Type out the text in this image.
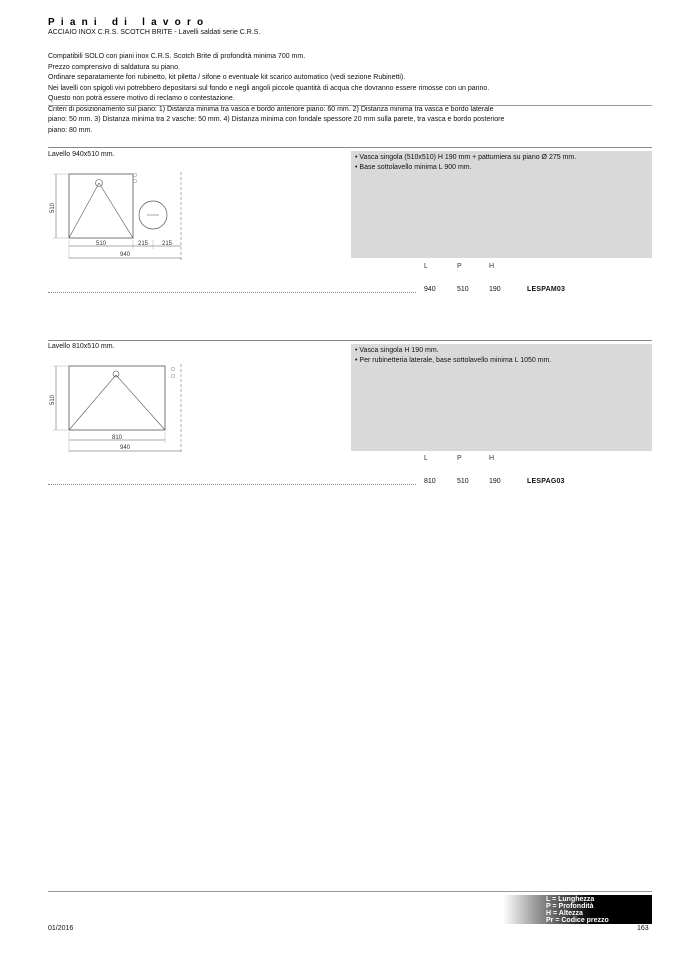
Piani di lavoro
ACCIAIO INOX C.R.S. SCOTCH BRITE - Lavelli saldati serie C.R.S.
Compatibili SOLO con piani inox C.R.S. Scotch Brite di profondità minima 700 mm.
Prezzo comprensivo di saldatura su piano.
Ordinare separatamente fori rubinetto, kit piletta / sifone o eventuale kit scarico automatico (vedi sezione Rubinetti).
Nei lavelli con spigoli vivi potrebbero depositarsi sul fondo e negli angoli piccole quantità di acqua che dovranno essere rimosse con un panno.
Questo non potrà essere motivo di reclamo o contestazione.
Criteri di posizionamento sul piano: 1) Distanza minima tra vasca e bordo anteriore piano: 60 mm. 2) Distanza minima tra vasca e bordo laterale
piano: 50 mm. 3) Distanza minima tra 2 vasche: 50 mm. 4) Distanza minima con fondale spessore 20 mm sulla parete, tra vasca e bordo posteriore
piano: 80 mm.
Lavello 940x510 mm.
510
510	215 215
940
• Vasca singola (510x510) H 190 mm + pattumiera su piano Ø 275 mm.
• Base sottolavello minima L 900 mm.
L	P	H
940	510	190	LESPAM03
Lavello 810x510 mm.
510
810
940
• Vasca singola H 190 mm.
• Per rubinetteria laterale, base sottolavello minima L 1050 mm.
L	P	H
810	510	190	LESPAG03
L = Lunghezza
P = Profondità
H = Altezza
Pr = Codice prezzo
01/2016	163
